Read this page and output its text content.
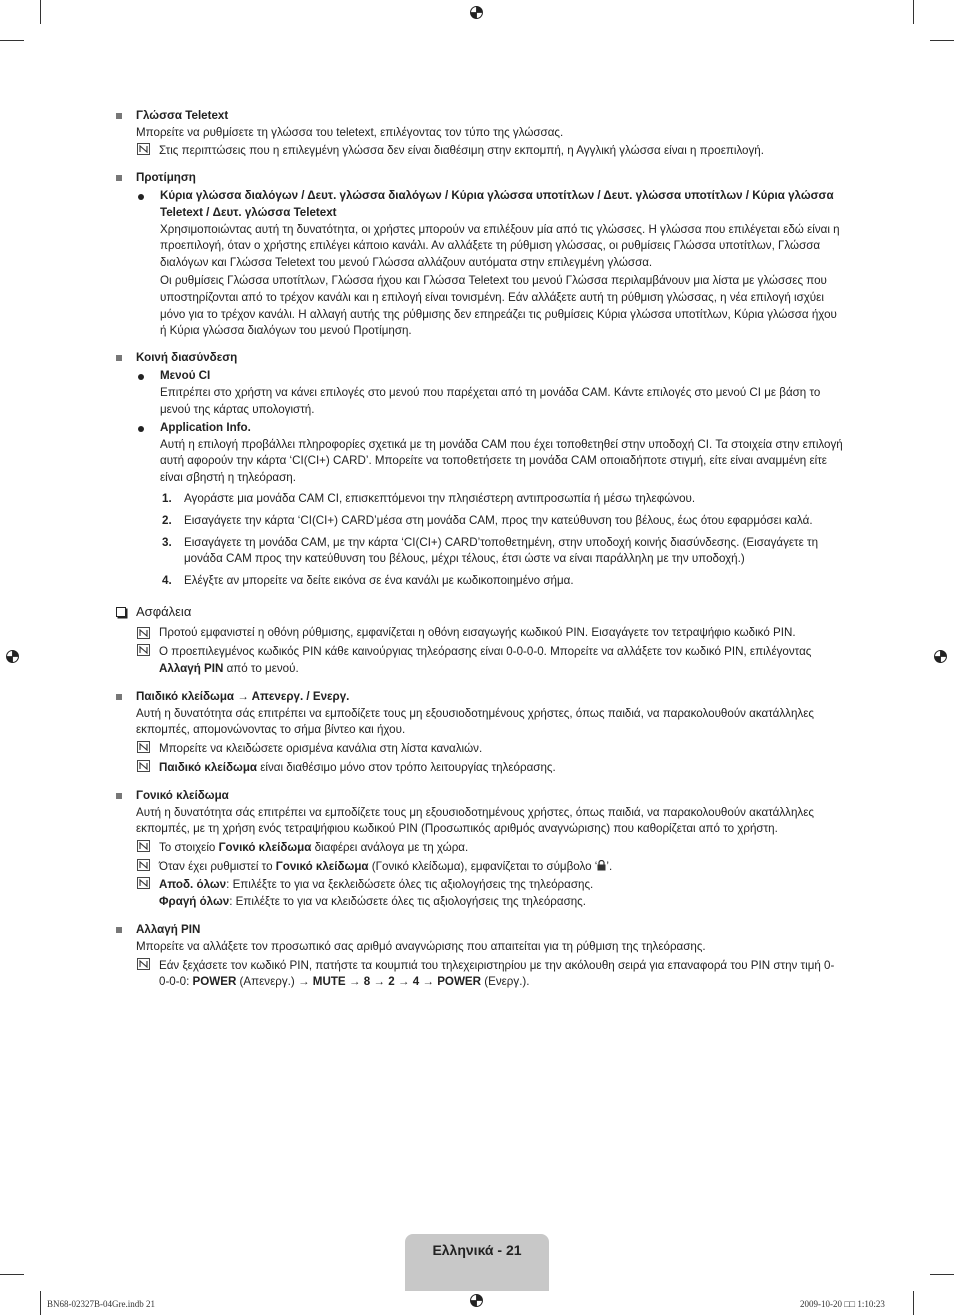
Γλώσσα Teletext

Μπορείτε να ρυθμίσετε τη γλώσσα του teletext, επιλέγοντας τον τύπο της γλώσσας.

Στις περιπτώσεις που η επιλεγμένη γλώσσα δεν είναι διαθέσιμη στην εκπομπή, η Αγγλική γλώσσα είναι η προεπιλογή.
Προτίμηση
Κύρια γλώσσα διαλόγων / Δευτ. γλώσσα διαλόγων / Κύρια γλώσσα υποτίτλων / Δευτ. γλώσσα υποτίτλων / Κύρια γλώσσα Teletext / Δευτ. γλώσσα Teletext

Χρησιμοποιώντας αυτή τη δυνατότητα, οι χρήστες μπορούν να επιλέξουν μία από τις γλώσσες. Η γλώσσα που επιλέγεται εδώ είναι η προεπιλογή, όταν ο χρήστης επιλέγει κάποιο κανάλι. Αν αλλάξετε τη ρύθμιση γλώσσας, οι ρυθμίσεις Γλώσσα υποτίτλων, Γλώσσα διαλόγων και Γλώσσα Teletext του μενού Γλώσσα αλλάζουν αυτόματα στην επιλεγμένη γλώσσα.

Οι ρυθμίσεις Γλώσσα υποτίτλων, Γλώσσα ήχου και Γλώσσα Teletext του μενού Γλώσσα περιλαμβάνουν μια λίστα με γλώσσες που υποστηρίζονται από το τρέχον κανάλι και η επιλογή είναι τονισμένη. Εάν αλλάξετε αυτή τη ρύθμιση γλώσσας, η νέα επιλογή ισχύει μόνο για το τρέχον κανάλι. Η αλλαγή αυτής της ρύθμισης δεν επηρεάζει τις ρυθμίσεις Κύρια γλώσσα υποτίτλων, Κύρια γλώσσα ήχου ή Κύρια γλώσσα διαλόγων του μενού Προτίμηση.

Κοινή διασύνδεση
Μενού CI

Επιτρέπει στο χρήστη να κάνει επιλογές στο μενού που παρέχεται από τη μονάδα CAM. Κάντε επιλογές στο μενού CI με βάση το μενού της κάρτας υπολογιστή.

Application Info.

Αυτή η επιλογή προβάλλει πληροφορίες σχετικά με τη μονάδα CAM που έχει τοποθετηθεί στην υποδοχή CI. Τα στοιχεία στην επιλογή αυτή αφορούν την κάρτα ‘CI(CI+) CARD’. Μπορείτε να τοποθετήσετε τη μονάδα CAM οποιαδήποτε στιγμή, είτε είναι αναμμένη είτε είναι σβηστή η τηλεόραση.

1. Αγοράστε μια μονάδα CAM CI, επισκεπτόμενοι την πλησιέστερη αντιπροσωπία ή μέσω τηλεφώνου.
2. Εισαγάγετε την κάρτα ‘CI(CI+) CARD’μέσα στη μονάδα CAM, προς την κατεύθυνση του βέλους, έως ότου εφαρμόσει καλά.
3. Εισαγάγετε τη μονάδα CAM, με την κάρτα ‘CI(CI+) CARD’τοποθετημένη, στην υποδοχή κοινής διασύνδεσης. (Εισαγάγετε τη μονάδα CAM προς την κατεύθυνση του βέλους, μέχρι τέλους, έτσι ώστε να είναι παράλληλη με την υποδοχή.)
4. Ελέγξτε αν μπορείτε να δείτε εικόνα σε ένα κανάλι με κωδικοποιημένο σήμα.
Ασφάλεια
Προτού εμφανιστεί η οθόνη ρύθμισης, εμφανίζεται η οθόνη εισαγωγής κωδικού PIN. Εισαγάγετε τον τετραψήφιο κωδικό PIN.
Ο προεπιλεγμένος κωδικός PIN κάθε καινούργιας τηλεόρασης είναι 0-0-0-0. Μπορείτε να αλλάξετε τον κωδικό PIN, επιλέγοντας Αλλαγή PIN από το μενού.
Παιδικό κλείδωμα → Απενεργ. / Ενεργ.

Αυτή η δυνατότητα σάς επιτρέπει να εμποδίζετε τους μη εξουσιοδοτημένους χρήστες, όπως παιδιά, να παρακολουθούν ακατάλληλες εκπομπές, απομονώνοντας το σήμα βίντεο και ήχου.

Μπορείτε να κλειδώσετε ορισμένα κανάλια στη λίστα καναλιών.
Παιδικό κλείδωμα είναι διαθέσιμο μόνο στον τρόπο λειτουργίας τηλεόρασης.
Γονικό κλείδωμα

Αυτή η δυνατότητα σάς επιτρέπει να εμποδίζετε τους μη εξουσιοδοτημένους χρήστες, όπως παιδιά, να παρακολουθούν ακατάλληλες εκπομπές, με τη χρήση ενός τετραψήφιου κωδικού PIN (Προσωπικός αριθμός αναγνώρισης) που καθορίζεται από το χρήστη.

Το στοιχείο Γονικό κλείδωμα διαφέρει ανάλογα με τη χώρα.
Όταν έχει ρυθμιστεί το Γονικό κλείδωμα (Γονικό κλείδωμα), εμφανίζεται το σύμβολο ‘ ’.
Αποδ. όλων: Επιλέξτε το για να ξεκλειδώσετε όλες τις αξιολογήσεις της τηλεόρασης.
Φραγή όλων: Επιλέξτε το για να κλειδώσετε όλες τις αξιολογήσεις της τηλεόρασης.
Αλλαγή PIN

Μπορείτε να αλλάξετε τον προσωπικό σας αριθμό αναγνώρισης που απαιτείται για τη ρύθμιση της τηλεόρασης.

Εάν ξεχάσετε τον κωδικό PIN, πατήστε τα κουμπιά του τηλεχειριστηρίου με την ακόλουθη σειρά για επαναφορά του PIN στην τιμή 0-0-0-0: POWER (Απενεργ.) → MUTE → 8 → 2 → 4 → POWER (Ενεργ.).
Ελληνικά - 21
BN68-02327B-04Gre.indb 21	2009-10-20 □□ 1:10:23
